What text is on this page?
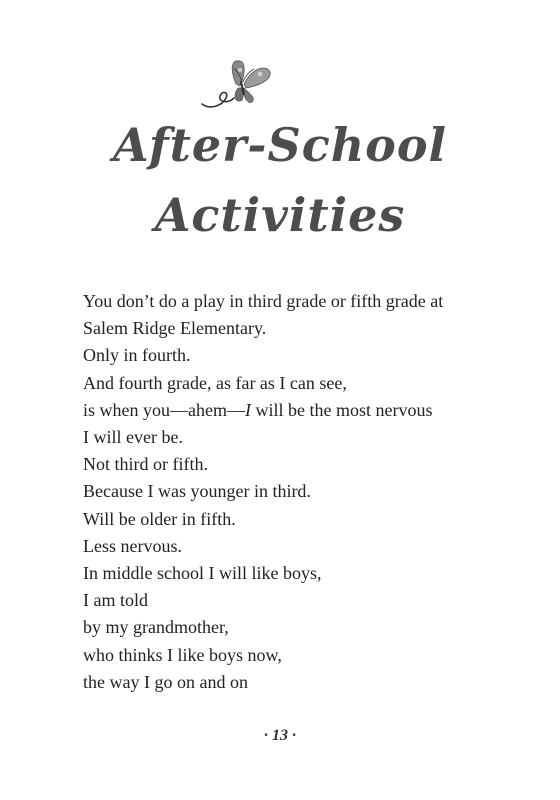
After-School
Activities
You don’t do a play in third grade or fifth grade at
Salem Ridge Elementary.
Only in fourth.
And fourth grade, as far as I can see,
is when you—ahem—I will be the most nervous
I will ever be.
Not third or fifth.
Because I was younger in third.
Will be older in fifth.
Less nervous.
In middle school I will like boys,
I am told
by my grandmother,
who thinks I like boys now,
the way I go on and on
· 13 ·
